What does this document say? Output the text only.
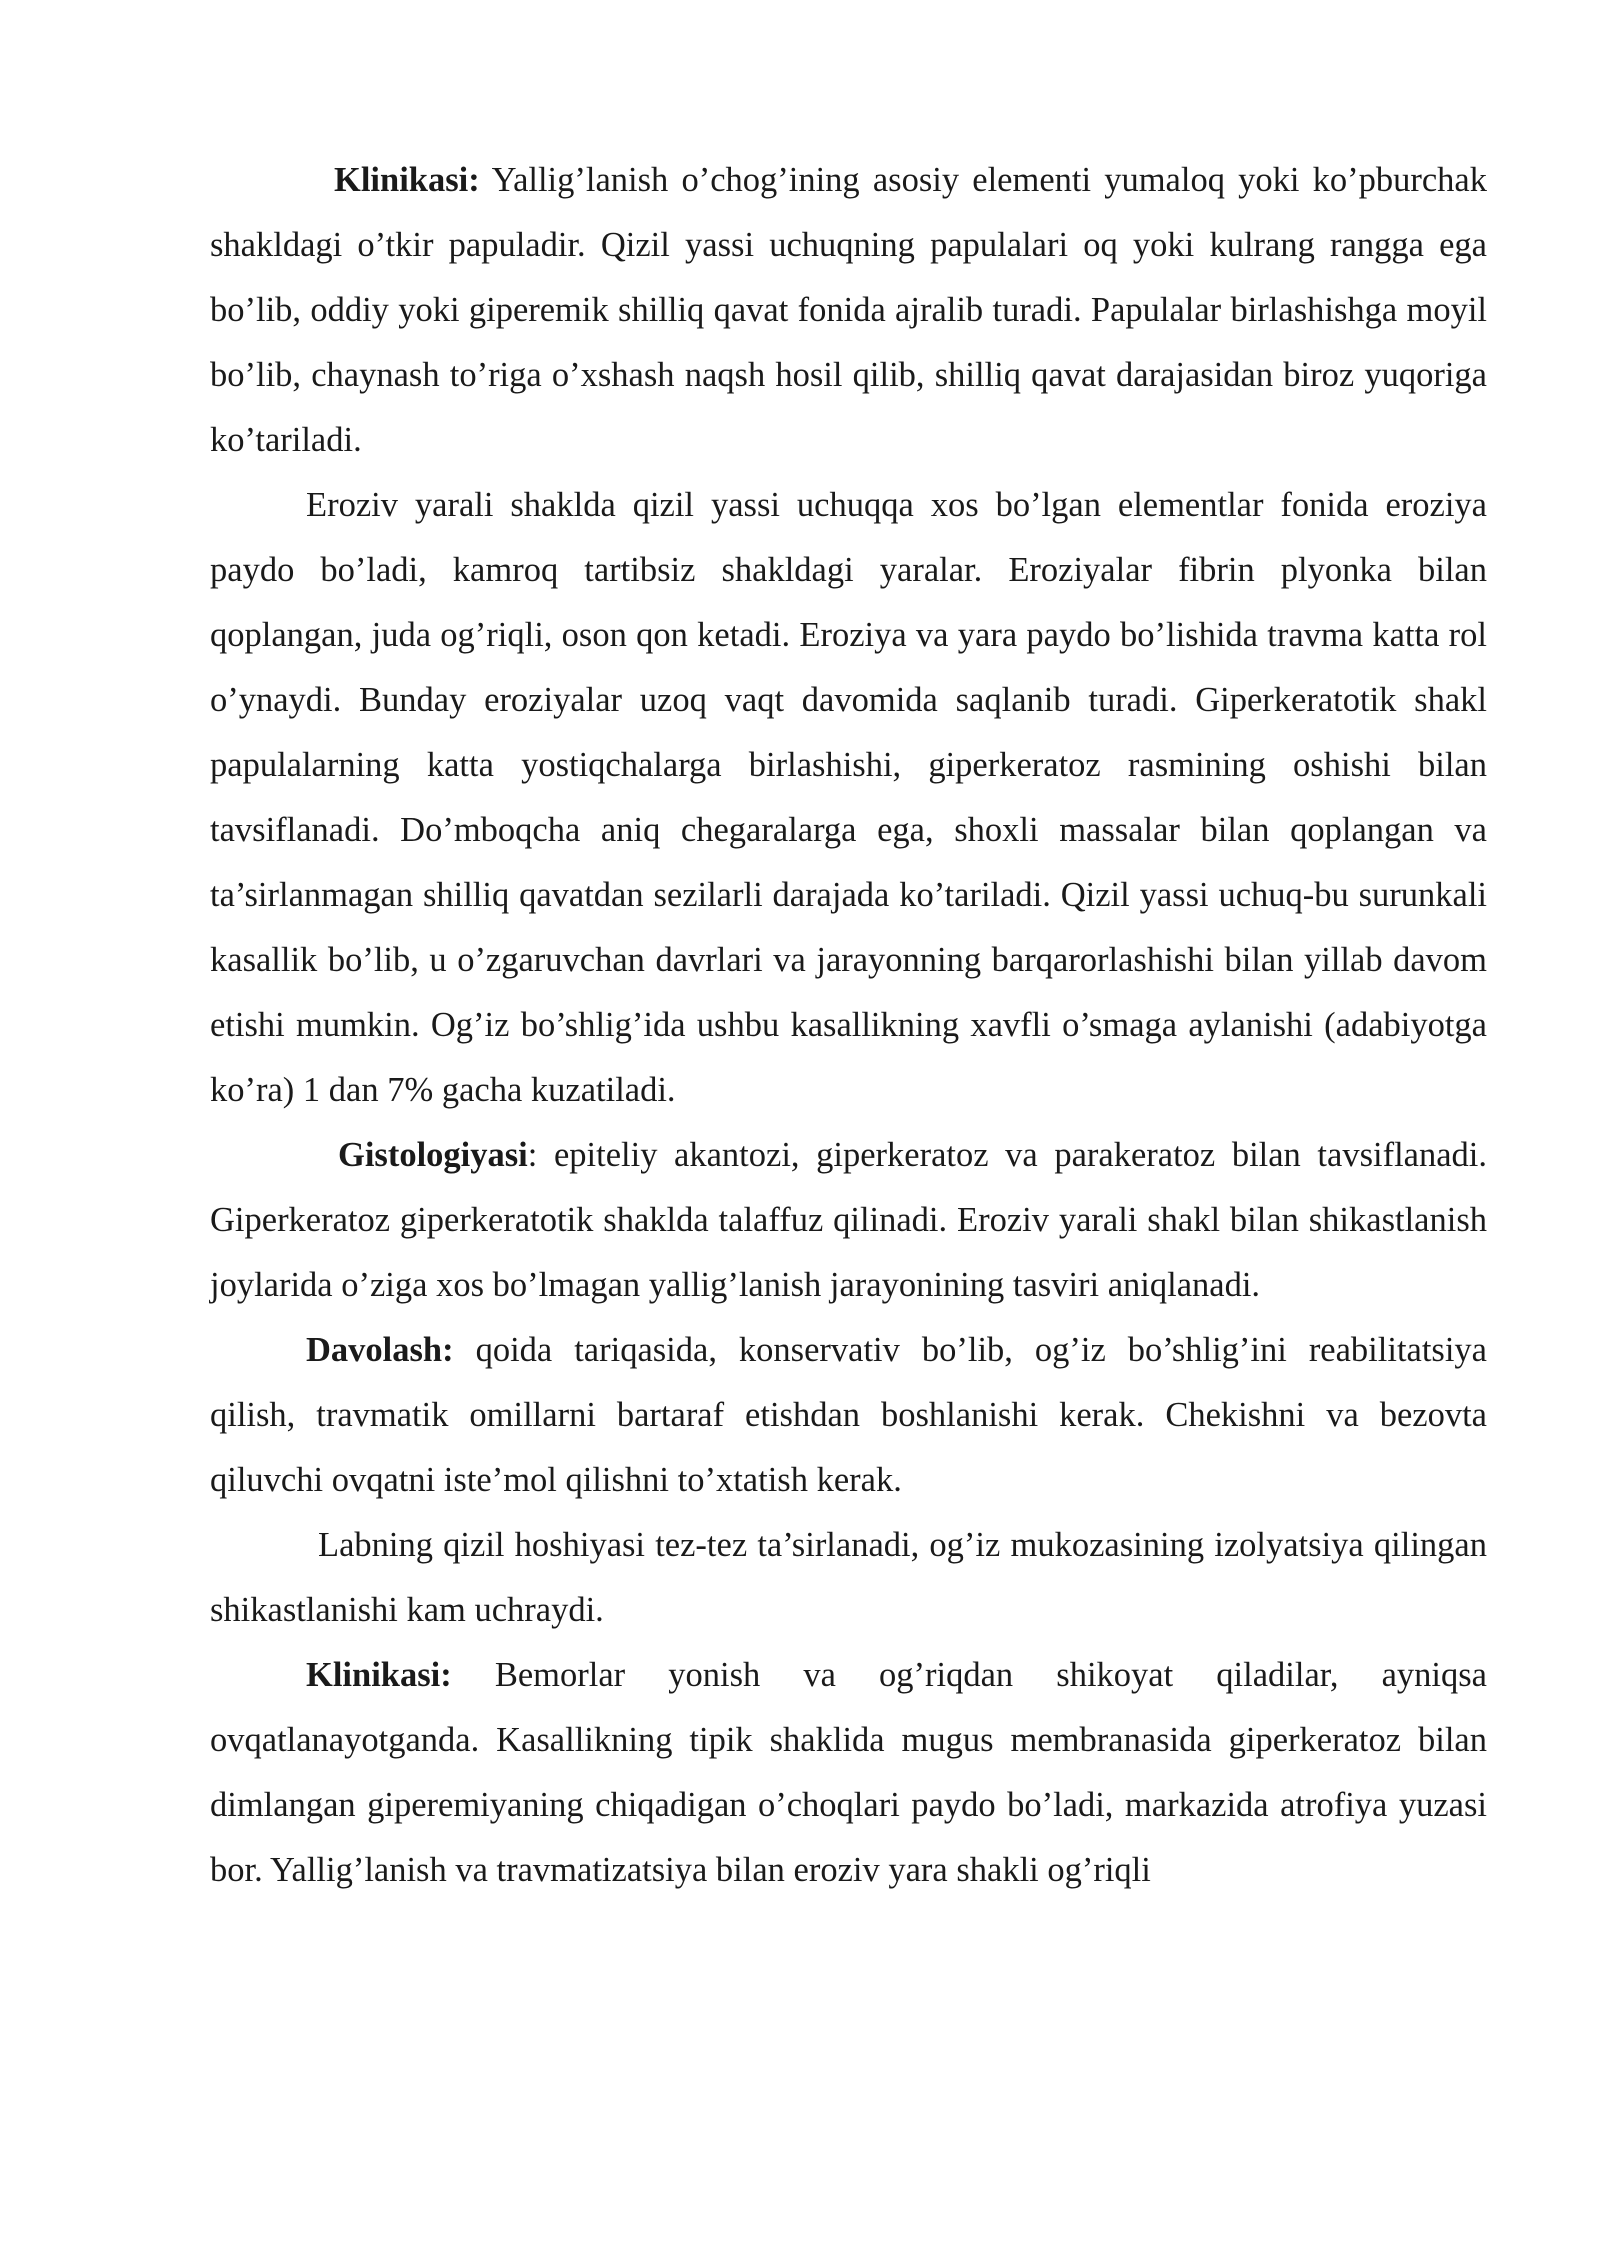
Klinikasi: Yallig’lanish o’chog’ining asosiy elementi yumaloq yoki ko’pburchak shakldagi o’tkir papuladir. Qizil yassi uchuqning papulalari oq yoki kulrang rangga ega bo’lib, oddiy yoki giperemik shilliq qavat fonida ajralib turadi. Papulalar birlashishga moyil bo’lib, chaynash to’riga o’xshash naqsh hosil qilib, shilliq qavat darajasidan biroz yuqoriga ko’tariladi.

Eroziv yarali shaklda qizil yassi uchuqqa xos bo’lgan elementlar fonida eroziya paydo bo’ladi, kamroq tartibsiz shakldagi yaralar. Eroziyalar fibrin plyonka bilan qoplangan, juda og’riqli, oson qon ketadi. Eroziya va yara paydo bo’lishida travma katta rol o’ynaydi. Bunday eroziyalar uzoq vaqt davomida saqlanib turadi. Giperkeratotik shakl papulalarning katta yostiqchalarga birlashishi, giperkeratoz rasmining oshishi bilan tavsiflanadi. Do’mboqcha aniq chegaralarga ega, shoxli massalar bilan qoplangan va ta’sirlanmagan shilliq qavatdan sezilarli darajada ko’tariladi. Qizil yassi uchuq-bu surunkali kasallik bo’lib, u o’zgaruvchan davrlari va jarayonning barqarorlashishi bilan yillab davom etishi mumkin. Og’iz bo’shlig’ida ushbu kasallikning xavfli o’smaga aylanishi (adabiyotga ko’ra) 1 dan 7% gacha kuzatiladi.

Gistologiyasi: epiteliy akantozi, giperkeratoz va parakeratoz bilan tavsiflanadi. Giperkeratoz giperkeratotik shaklda talaffuz qilinadi. Eroziv yarali shakl bilan shikastlanish joylarida o’ziga xos bo’lmagan yallig’lanish jarayonining tasviri aniqlanadi.

Davolash: qoida tariqasida, konservativ bo’lib, og’iz bo’shlig’ini reabilitatsiya qilish, travmatik omillarni bartaraf etishdan boshlanishi kerak. Chekishni va bezovta qiluvchi ovqatni iste’mol qilishni to’xtatish kerak.

Labning qizil hoshiyasi tez-tez ta’sirlanadi, og’iz mukozasining izolyatsiya qilingan shikastlanishi kam uchraydi.

Klinikasi: Bemorlar yonish va og’riqdan shikoyat qiladilar, ayniqsa ovqatlanayotganda. Kasallikning tipik shaklida mugus membranasida giperkeratoz bilan dimlangan giperemiyaning chiqadigan o’choqlari paydo bo’ladi, markazida atrofiya yuzasi bor. Yallig’lanish va travmatizatsiya bilan eroziv yara shakli og’riqli
